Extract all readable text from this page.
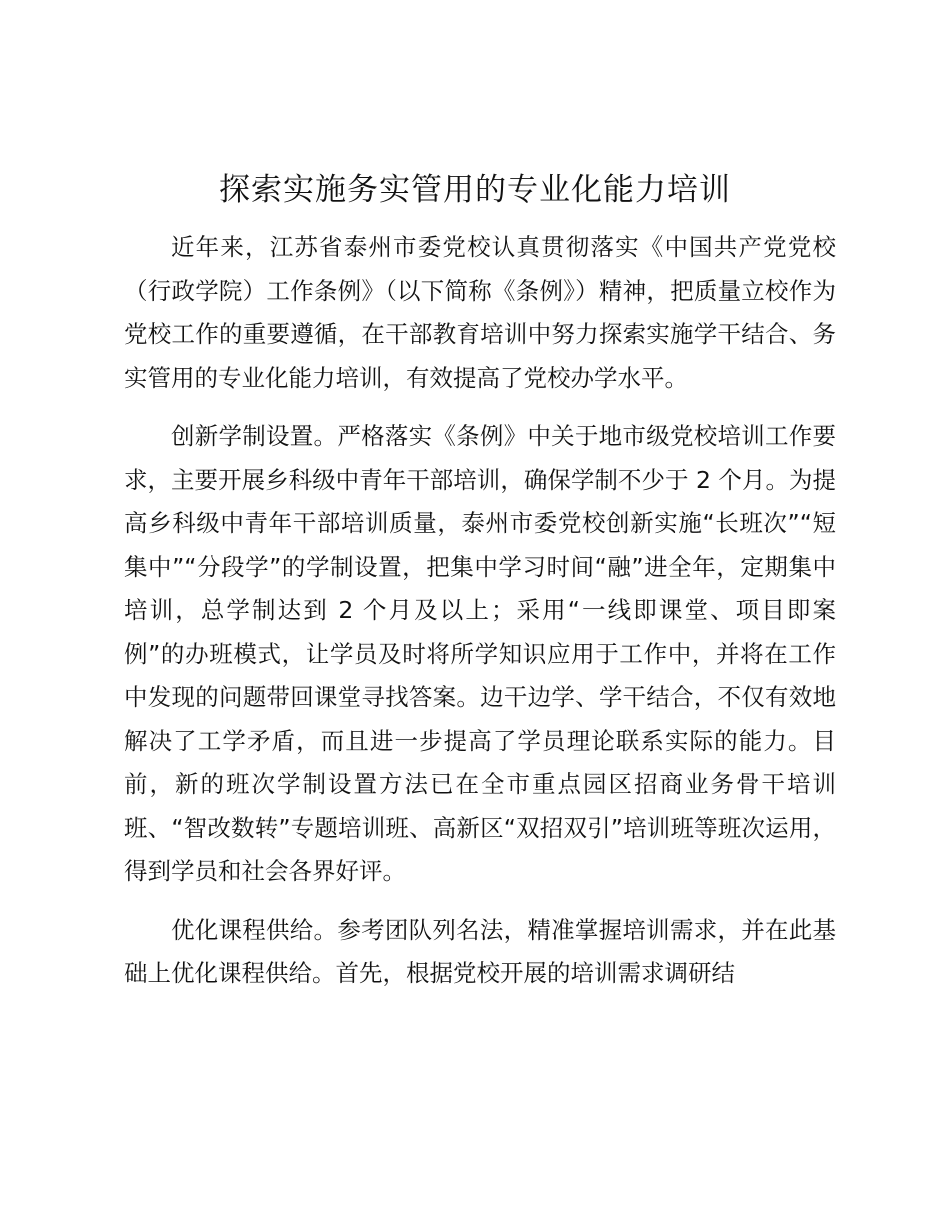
探索实施务实管用的专业化能力培训

近年来，江苏省泰州市委党校认真贯彻落实《中国共产党党校（行政学院）工作条例》（以下简称《条例》）精神，把质量立校作为党校工作的重要遵循，在干部教育培训中努力探索实施学干结合、务实管用的专业化能力培训，有效提高了党校办学水平。

创新学制设置。严格落实《条例》中关于地市级党校培训工作要求，主要开展乡科级中青年干部培训，确保学制不少于 2 个月。为提高乡科级中青年干部培训质量，泰州市委党校创新实施“长班次”“短集中”“分段学”的学制设置，把集中学习时间“融”进全年，定期集中培训，总学制达到 2 个月及以上；采用“一线即课堂、项目即案例”的办班模式，让学员及时将所学知识应用于工作中，并将在工作中发现的问题带回课堂寻找答案。边干边学、学干结合，不仅有效地解决了工学矛盾，而且进一步提高了学员理论联系实际的能力。目前，新的班次学制设置方法已在全市重点园区招商业务骨干培训班、“智改数转”专题培训班、高新区“双招双引”培训班等班次运用，得到学员和社会各界好评。

优化课程供给。参考团队列名法，精准掌握培训需求，并在此基础上优化课程供给。首先，根据党校开展的培训需求调研结
